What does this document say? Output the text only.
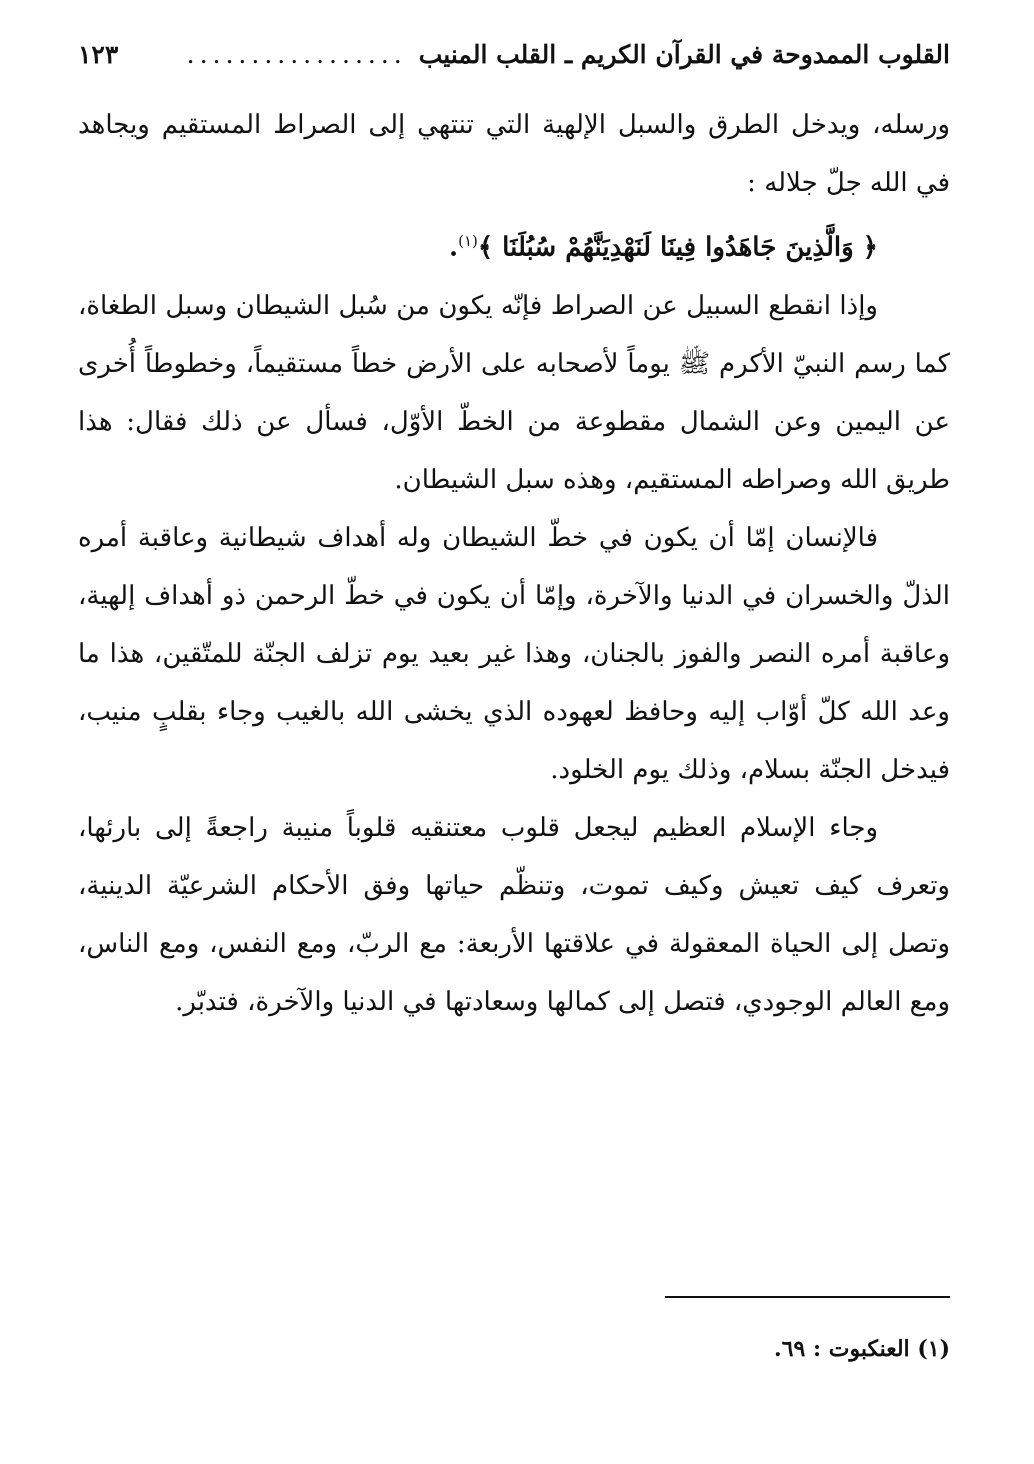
القلوب الممدوحة في القرآن الكريم ـ القلب المنيب
.................
١٢٣

ورسله، ويدخل الطرق والسبل الإلهية التي تنتهي إلى الصراط المستقيم ويجاهد في الله جلّ جلاله :

﴿ وَالَّذِينَ جَاهَدُوا فِينَا لَنَهْدِيَنَّهُمْ سُبُلَنَا ﴾$^{(١)}$.

وإذا انقطع السبيل عن الصراط فإنّه يكون من سُبل الشيطان وسبل الطغاة، كما رسم النبيّ الأكرم ﷺ يوماً لأصحابه على الأرض خطاً مستقيماً، وخطوطاً أُخرى عن اليمين وعن الشمال مقطوعة من الخطّ الأوّل، فسأل عن ذلك فقال: هذا طريق الله وصراطه المستقيم، وهذه سبل الشيطان.

فالإنسان إمّا أن يكون في خطّ الشيطان وله أهداف شيطانية وعاقبة أمره الذلّ والخسران في الدنيا والآخرة، وإمّا أن يكون في خطّ الرحمن ذو أهداف إلهية، وعاقبة أمره النصر والفوز بالجنان، وهذا غير بعيد يوم تزلف الجنّة للمتّقين، هذا ما وعد الله كلّ أوّاب إليه وحافظ لعهوده الذي يخشى الله بالغيب وجاء بقلبٍ منيب، فيدخل الجنّة بسلام، وذلك يوم الخلود.

وجاء الإسلام العظيم ليجعل قلوب معتنقيه قلوباً منيبة راجعةً إلى بارئها، وتعرف كيف تعيش وكيف تموت، وتنظّم حياتها وفق الأحكام الشرعيّة الدينية، وتصل إلى الحياة المعقولة في علاقتها الأربعة: مع الربّ، ومع النفس، ومع الناس، ومع العالم الوجودي، فتصل إلى كمالها وسعادتها في الدنيا والآخرة، فتدبّر.

(١) العنكبوت : ٦٩.
